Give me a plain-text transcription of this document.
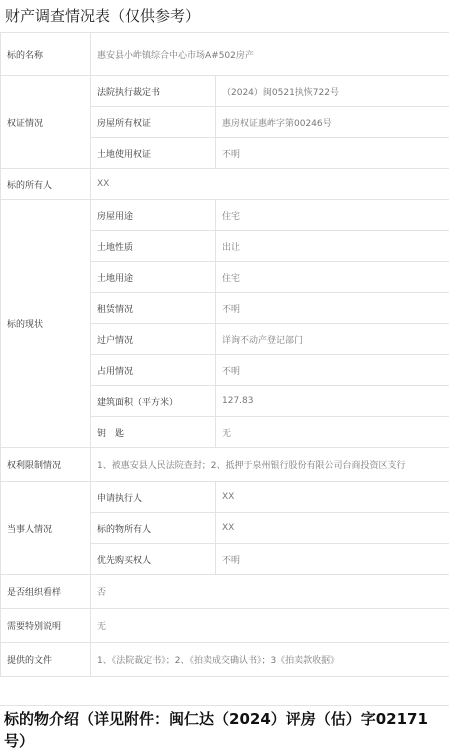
财产调查情况表（仅供参考）
标的名称	惠安县小岞镇综合中心市场A#502房产	
权证情况	法院执行裁定书	（2024）闽0521执恢722号
	房屋所有权证	惠房权证惠岞字第00246号
	土地使用权证	不明
标的所有人	XX	
标的现状	房屋用途	住宅
	土地性质	出让
	土地用途	住宅
	租赁情况	不明
	过户情况	详询不动产登记部门
	占用情况	不明
	建筑面积（平方米）	127.83
	钥　匙	无
权利限制情况	1、被惠安县人民法院查封；2、抵押于泉州银行股份有限公司台商投资区支行	
当事人情况	申请执行人	XX
	标的物所有人	XX
	优先购买权人	不明
是否组织看样	否	
需要特别说明	无	
提供的文件	1、《法院裁定书》；2、《拍卖成交确认书》；3《拍卖款收据》	
标的物介绍（详见附件：闽仁达（2024）评房（估）字02171号）
